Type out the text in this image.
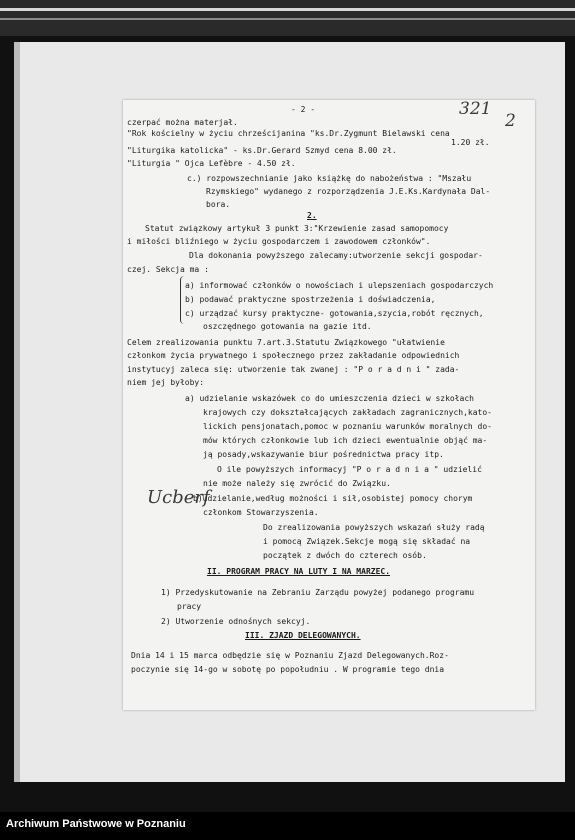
- 2 -	321
2
czerpać można materjał.
"Rok kościelny w życiu chrześcijanina "ks.Dr.Zygmunt Bielawski cena
1.20 zł.
"Liturgika katolicka" - ks.Dr.Gerard Szmyd cena 8.00 zł.
"Liturgia " Ojca Lefèbre - 4.50 zł.
c.) rozpowszechnianie jako książkę do nabożeństwa : "Mszału
Rzymskiego" wydanego z rozporządzenia J.E.Ks.Kardynała Dal-
bora.
2.
Statut związkowy artykuł 3 punkt 3:"Krzewienie zasad samopomocy
i miłości bliźniego w życiu gospodarczem i zawodowem członków".
Dla dokonania powyższego zalecamy:utworzenie sekcji gospodar-
czej. Sekcja ma :
a) informować członków o nowościach i ulepszeniach gospodarczych
b) podawać praktyczne spostrzeżenia i doświadczenia,
c) urządzać kursy praktyczne- gotowania,szycia,robót ręcznych,
oszczędnego gotowania na gazie itd.
Celem zrealizowania punktu 7.art.3.Statutu Związkowego "ułatwienie
członkom życia prywatnego i społecznego przez zakładanie odpowiednich
instytucyj zaleca się: utworzenie tak zwanej : "P o r a d n i " zada-
niem jej byłoby:
a) udzielanie wskazówek co do umieszczenia dzieci w szkołach
krajowych czy dokształcających zakładach zagranicznych,kato-
lickich pensjonatach,pomoc w poznaniu warunków moralnych do-
mów których członkowie lub ich dzieci ewentualnie objąć ma-
ją posady,wskazywanie biur pośrednictwa pracy itp.
O ile powyższych informacyj "P o r a d n i a " udzielić
nie może należy się zwrócić do Związku.
Ucberf
b)udzielanie,według możności i sił,osobistej pomocy chorym
członkom Stowarzyszenia.
Do zrealizowania powyższych wskazań służy radą
i pomocą Związek.Sekcje mogą się składać na
początek z dwóch do czterech osób.
II. PROGRAM PRACY NA LUTY I NA MARZEC.
1) Przedyskutowanie na Zebraniu Zarządu powyżej podanego programu
pracy
2) Utworzenie odnośnych sekcyj.
III. ZJAZD DELEGOWANYCH.
Dnia 14 i 15 marca odbędzie się w Poznaniu Zjazd Delegowanych.Roz-
poczynie się 14-go w sobotę po popołudniu . W programie tego dnia
Archiwum Państwowe w Poznaniu
